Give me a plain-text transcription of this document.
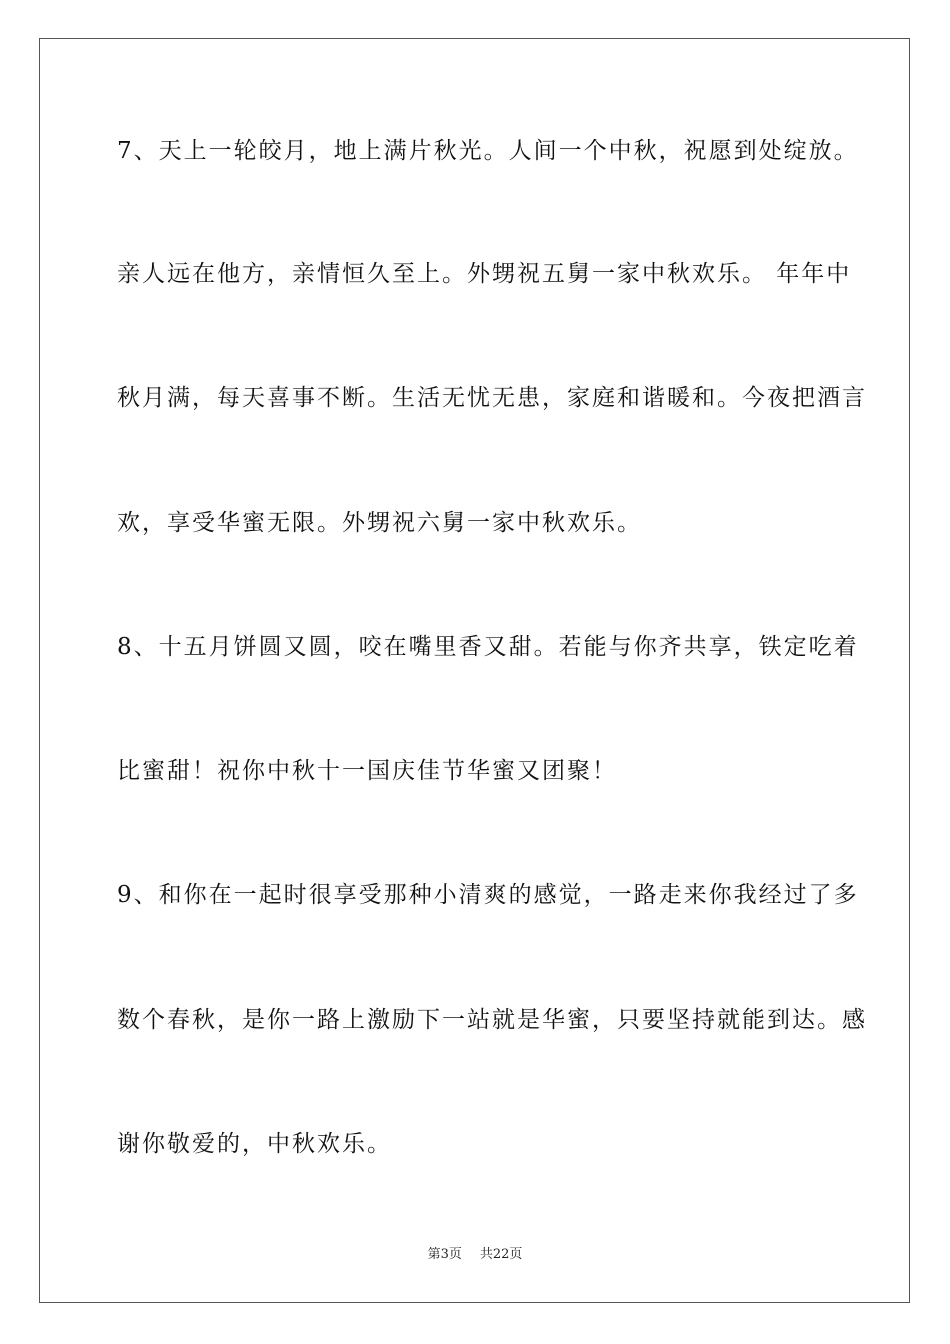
7、天上一轮皎月，地上满片秋光。人间一个中秋，祝愿到处绽放。
亲人远在他方，亲情恒久至上。外甥祝五舅一家中秋欢乐。 年年中
秋月满，每天喜事不断。生活无忧无患，家庭和谐暖和。今夜把酒言
欢，享受华蜜无限。外甥祝六舅一家中秋欢乐。
8、十五月饼圆又圆，咬在嘴里香又甜。若能与你齐共享，铁定吃着
比蜜甜！祝你中秋十一国庆佳节华蜜又团聚！
9、和你在一起时很享受那种小清爽的感觉，一路走来你我经过了多
数个春秋，是你一路上激励下一站就是华蜜，只要坚持就能到达。感
谢你敬爱的，中秋欢乐。
第3页 共22页
